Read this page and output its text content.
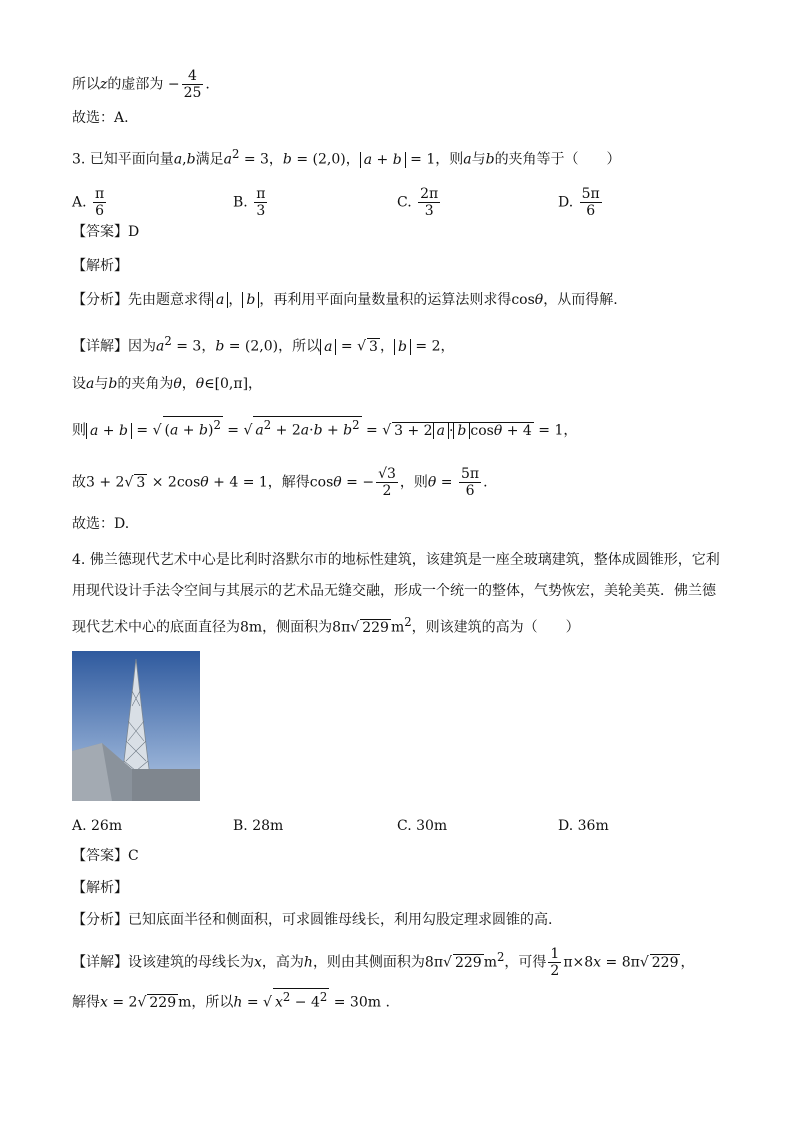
所以z的虚部为 − $\frac{4}{25}$ .
故选：A.
3. 已知平面向量a,b满足$a^2 = 3$，b = (2,0)， a + b = 1，则a与b的夹角等于（　　）
A. $\frac{\pi}{6}$	B. $\frac{\pi}{3}$	C. $\frac{2\pi}{3}$	D. $\frac{5\pi}{6}$
【答案】D
【解析】
【分析】先由题意求得 a ， b ，再利用平面向量数量积的运算法则求得cosθ，从而得解.
【详解】因为$a^2 = 3$，b = (2,0)，所以 a = √ 3 ， b = 2，
设a与b的夹角为θ，θ∈[0,π]，
则 a + b = √ $(a + b)^2$ = √ $a^2 + 2a\cdot b + b^2$ = √ 3 + 2 a · b cosθ + 4 = 1，
故3 + 2√ 3 × 2cosθ + 4 = 1，解得cosθ = − $\frac{√3}{2}$ ，则$\theta = \frac{5\pi}{6}$ .
故选：D.
4. 佛兰德现代艺术中心是比利时洛默尔市的地标性建筑，该建筑是一座全玻璃建筑，整体成圆锥形，它利
用现代设计手法令空间与其展示的艺术品无缝交融，形成一个统一的整体，气势恢宏，美轮美英．佛兰德
现代艺术中心的底面直径为8m，侧面积为8π√ 229 $m^2$，则该建筑的高为（　　）
A. 26m	B. 28m	C. 30m	D. 36m
【答案】C
【解析】
【分析】已知底面半径和侧面积，可求圆锥母线长，利用勾股定理求圆锥的高.
【详解】设该建筑的母线长为x，高为h，则由其侧面积为8π√ 229 $m^2$，可得 $\frac{1}{2} \pi\times 8x = 8\pi√$ 229 ，
解得x = 2√ 229 m，所以h = √ $x^2 - 4^2 = 30m$ .
